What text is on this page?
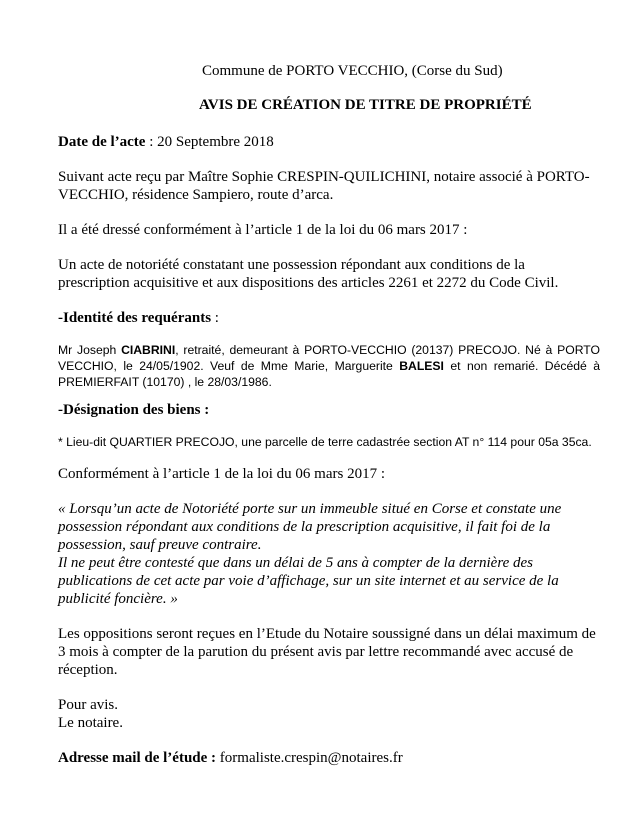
Commune de PORTO VECCHIO, (Corse du Sud)

AVIS DE CRÉATION DE TITRE DE PROPRIÉTÉ

Date de l’acte : 20 Septembre 2018

Suivant acte reçu par Maître Sophie CRESPIN-QUILICHINI, notaire associé à PORTO-VECCHIO, résidence Sampiero, route d’arca.

Il a été dressé conformément à l’article 1 de la loi du 06 mars 2017 :

Un acte de notoriété constatant une possession répondant aux conditions de la prescription acquisitive et aux dispositions des articles 2261 et 2272 du Code Civil.

-Identité des requérants :

Mr Joseph CIABRINI, retraité, demeurant à PORTO-VECCHIO (20137) PRECOJO. Né à PORTO VECCHIO, le 24/05/1902. Veuf de Mme Marie, Marguerite BALESI et non remarié. Décédé à PREMIERFAIT (10170) , le 28/03/1986.

-Désignation des biens :

* Lieu-dit QUARTIER PRECOJO, une parcelle de terre cadastrée section AT n° 114 pour 05a 35ca.

Conformément à l’article 1 de la loi du 06 mars 2017 :

« Lorsqu’un acte de Notoriété porte sur un immeuble situé en Corse et constate une possession répondant aux conditions de la prescription acquisitive, il fait foi de la possession, sauf preuve contraire.
Il ne peut être contesté que dans un délai de 5 ans à compter de la dernière des publications de cet acte par voie d’affichage, sur un site internet et au service de la publicité foncière. »

Les oppositions seront reçues en l’Etude du Notaire soussigné dans un délai maximum de 3 mois à compter de la parution du présent avis par lettre recommandé avec accusé de réception.

Pour avis.
Le notaire.

Adresse mail de l’étude : formaliste.crespin@notaires.fr
